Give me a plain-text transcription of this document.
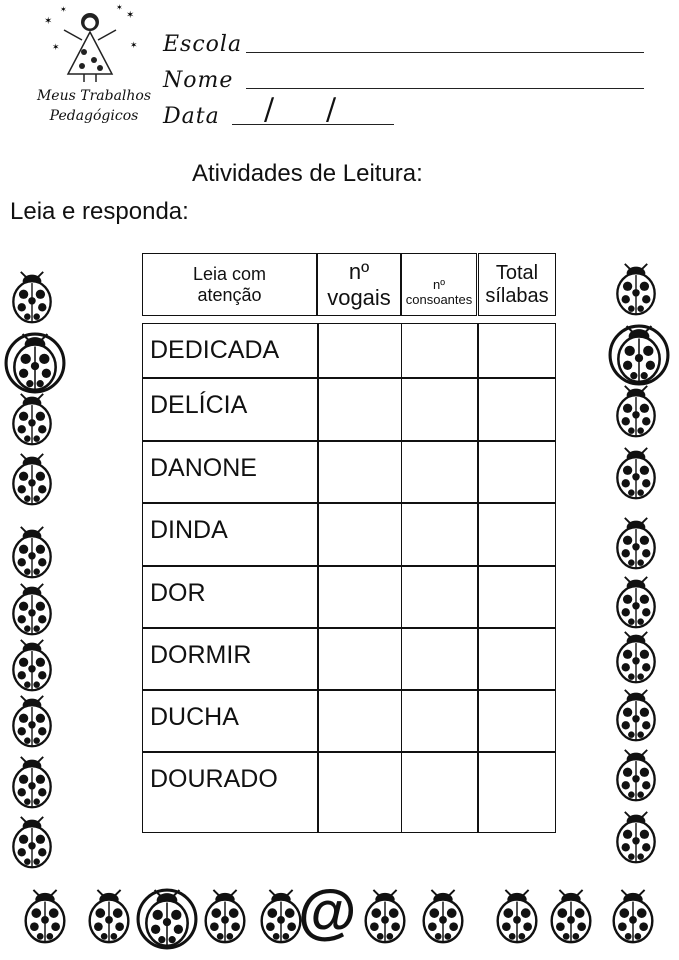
✶
✶
✶	✶
✶	✶
Meus Trabalhos
Pedagógicos
Escola
Nome
Data / /
Atividades de Leitura:
Leia e responda:
Leia com atenção
nº vogais
nº consoantes
Total sílabas
DEDICADA
DELÍCIA
DANONE
DINDA
DOR
DORMIR
DUCHA
DOURADO
@
